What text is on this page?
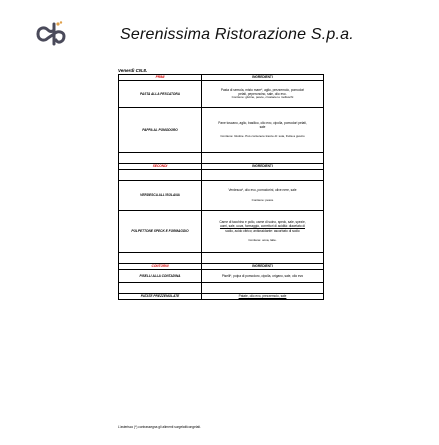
Serenissima Ristorazione S.p.a.
Venerdì CN.8.
PRIMI	INGREDIENTI
PASTA ALLA PESCATORA	Pasta di semola, misto mare*, aglio, prezzemolo, pomodori
pelati, peperoncino, sale, olio evo.
Contiene: glutine, pesce, crostacei e molluschi

PAPPA AL POMODORO	Pane toscano, aglio, basilico, olio evo, cipolla, pomodori pelati,
sale
Contiene: Glutine. Può contenere tracce di: soia, frutta a guscio

SECONDI	INGREDIENTI

VERDESCA ALL'ISOLANA	Verdesca*, olio evo, pomodorini, olive nere, sale
Contiene: pesce

POLPETTONE SPECK E FORMAGGIO	Carne di tacchino e pollo, carne di suino, speck, sale, spezie,
uomi, sale, uova, formaggio, correttori di acidità: diacetato di
sodio, acido citrico; antiossidante: ascorbato di sodio
Contiene: uova, latte.

CONTORNI	INGREDIENTI
PISELLI ALLA CONTADINA	Piselli*, polpa di pomodoro, cipolla, origano, sale, olio evo

PATATE PREZZEMOLATE	Patate, olio evo, prezzemolo, sale
L'asterisco (*) contrassegna gli alimenti surgelati/congelati.
